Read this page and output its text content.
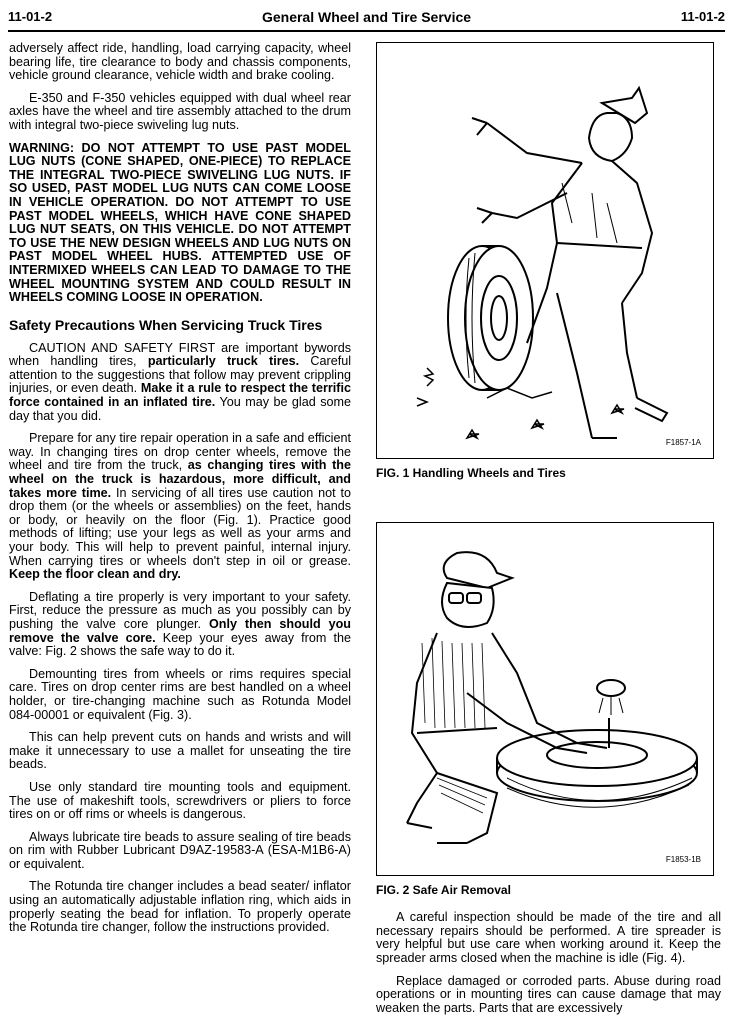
11-01-2	General Wheel and Tire Service	11-01-2

adversely affect ride, handling, load carrying capacity, wheel bearing life, tire clearance to body and chassis components, vehicle ground clearance, vehicle width and brake cooling.

E-350 and F-350 vehicles equipped with dual wheel rear axles have the wheel and tire assembly attached to the drum with integral two-piece swiveling lug nuts.

WARNING: DO NOT ATTEMPT TO USE PAST MODEL LUG NUTS (CONE SHAPED, ONE-PIECE) TO REPLACE THE INTEGRAL TWO-PIECE SWIVELING LUG NUTS. IF SO USED, PAST MODEL LUG NUTS CAN COME LOOSE IN VEHICLE OPERATION. DO NOT ATTEMPT TO USE PAST MODEL WHEELS, WHICH HAVE CONE SHAPED LUG NUT SEATS, ON THIS VEHICLE. DO NOT ATTEMPT TO USE THE NEW DESIGN WHEELS AND LUG NUTS ON PAST MODEL WHEEL HUBS. ATTEMPTED USE OF INTERMIXED WHEELS CAN LEAD TO DAMAGE TO THE WHEEL MOUNTING SYSTEM AND COULD RESULT IN WHEELS COMING LOOSE IN OPERATION.

Safety Precautions When Servicing Truck Tires

CAUTION AND SAFETY FIRST are important bywords when handling tires, particularly truck tires. Careful attention to the suggestions that follow may prevent crippling injuries, or even death. Make it a rule to respect the terrific force contained in an inflated tire. You may be glad some day that you did.

Prepare for any tire repair operation in a safe and efficient way. In changing tires on drop center wheels, remove the wheel and tire from the truck, as changing tires with the wheel on the truck is hazardous, more difficult, and takes more time. In servicing of all tires use caution not to drop them (or the wheels or assemblies) on the feet, hands or body, or heavily on the floor (Fig. 1). Practice good methods of lifting; use your legs as well as your arms and your body. This will help to prevent painful, internal injury. When carrying tires or wheels don't step in oil or grease. Keep the floor clean and dry.

Deflating a tire properly is very important to your safety. First, reduce the pressure as much as you possibly can by pushing the valve core plunger. Only then should you remove the valve core. Keep your eyes away from the valve: Fig. 2 shows the safe way to do it.

Demounting tires from wheels or rims requires special care. Tires on drop center rims are best handled on a wheel holder, or tire-changing machine such as Rotunda Model 084-00001 or equivalent (Fig. 3).

This can help prevent cuts on hands and wrists and will make it unnecessary to use a mallet for unseating the tire beads.

Use only standard tire mounting tools and equipment. The use of makeshift tools, screwdrivers or pliers to force tires on or off rims or wheels is dangerous.

Always lubricate tire beads to assure sealing of tire beads on rim with Rubber Lubricant D9AZ-19583-A (ESA-M1B6-A) or equivalent.

The Rotunda tire changer includes a bead seater/ inflator using an automatically adjustable inflation ring, which aids in properly seating the bead for inflation. To properly operate the Rotunda tire changer, follow the instructions provided.

F1857-1A
FIG. 1 Handling Wheels and Tires
F1853-1B
FIG. 2 Safe Air Removal

A careful inspection should be made of the tire and all necessary repairs should be performed. A tire spreader is very helpful but use care when working around it. Keep the spreader arms closed when the machine is idle (Fig. 4).

Replace damaged or corroded parts. Abuse during road operations or in mounting tires can cause damage that may weaken the parts. Parts that are excessively
